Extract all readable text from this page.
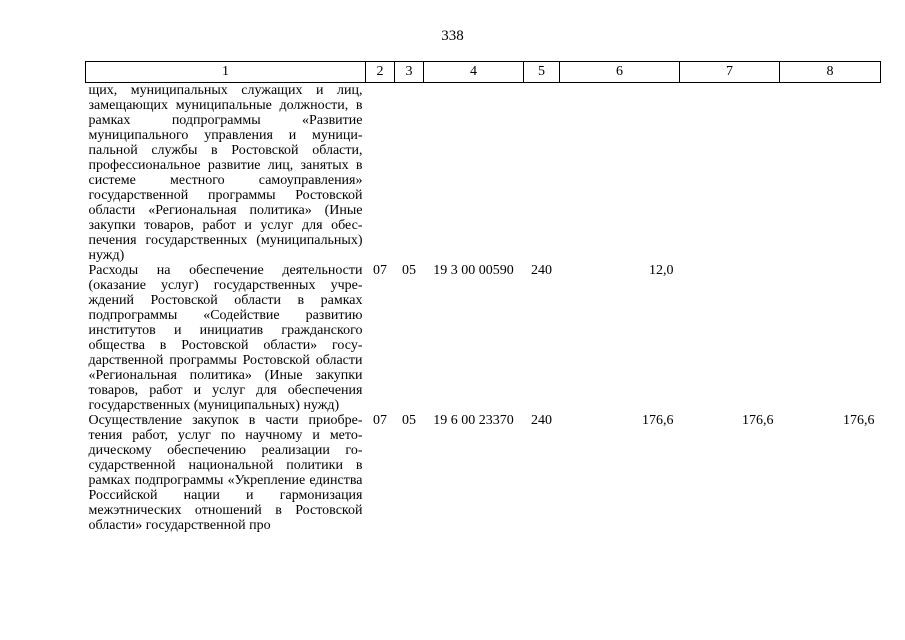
338
1	2	3	4	5	6	7	8
щих, муниципальных служащих и лиц, замещающих муниципальные должности, в рамках подпрограммы «Развитие муниципального управления и муниципальной службы в Ростовской области, профессиональное развитие лиц, занятых в системе местного самоуправления» государственной программы Ростовской области «Региональная политика» (Иные закупки товаров, работ и услуг для обеспечения государственных (муниципальных) нужд)							
Расходы на обеспечение деятельности (оказание услуг) государственных учреждений Ростовской области в рамках подпрограммы «Содействие развитию институтов и инициатив гражданского общества в Ростовской области» государственной программы Ростовской области «Региональная политика» (Иные закупки товаров, работ и услуг для обеспечения государственных (муниципальных) нужд)	07	05	19 3 00 00590	240	12,0		
Осуществление закупок в части приобретения работ, услуг по научному и методическому обеспечению реализации государственной национальной политики в рамках подпрограммы «Укрепление единства Российской нации и гармонизация межэтнических отношений в Ростовской области» государственной про	07	05	19 6 00 23370	240	176,6	176,6	176,6
